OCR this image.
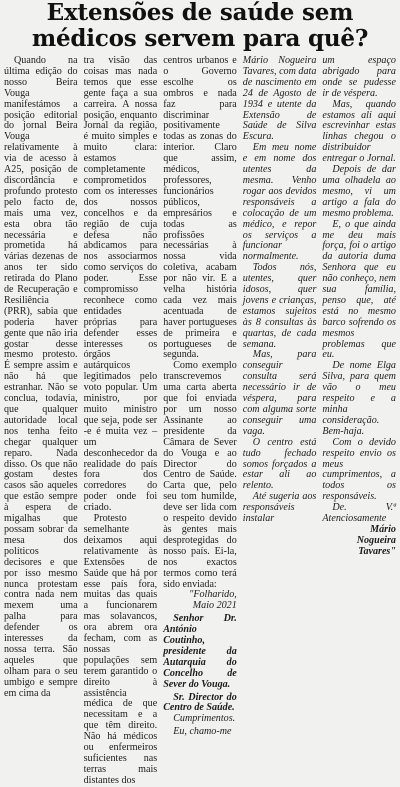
Extensões de saúde sem médicos servem para quê?

Quando na última edição do nosso Beira Vouga manifestámos a posição editorial do jornal Beira Vouga relativamente à via de acesso à A25, posição de discordância e profundo protesto pelo facto de, mais uma vez, esta obra tão necessária e prometida há várias dezenas de anos ter sido retirada do Plano de Recuperação e Resiliência (PRR), sabia que poderia haver gente que não iria gostar desse mesmo protesto. É sempre assim e não há que estranhar. Não se conclua, todavia, que qualquer autoridade local nos tenha feito chegar qualquer reparo. Nada disso. Os que não gostam destes casos são aqueles que estão sempre à espera de migalhas que possam sobrar da mesa dos políticos decisores e que por isso mesmo nunca protestam contra nada nem mexem uma palha para defender os interesses da nossa terra. São aqueles que olham para o seu umbigo e sempre em cima da

tra visão das coisas mas nada temos que esse gente faça a sua carreira. A nossa posição, enquanto Jornal da região, é muito simples e muito clara: estamos completamente comprometidos com os interesses dos nossos concelhos e da região de cuja defesa não abdicamos para nos associarmos como serviços do poder. Esse compromisso reconhece como entidades próprias para defender esses interesses os órgãos autárquicos legitimados pelo voto popular. Um ministro, por muito ministro que seja, pode ser -e é muita vez – um desconhecedor da realidade do país fora dos corredores do poder onde foi criado.

Protesto semelhante deixamos aqui relativamente às Extensões de Saúde que há por esse país fora, muitas das quais a funcionarem mas solavancos, ora abrem ora fecham, com as nossas populações sem terem garantido o direito à assistência médica de que necessitam e a que têm direito. Não há médicos ou enfermeiros suficientes nas terras mais distantes dos

centros urbanos e o Governo escolhe os ombros e nada faz para discriminar positivamente todas as zonas do interior. Claro que assim, médicos, professores, funcionários públicos, empresários e todas as profissões necessárias à nossa vida coletiva, acabam por não vir. E a velha história cada vez mais acentuada de haver portugueses de primeira e portugueses de segunda.

Como exemplo transcrevemos uma carta aberta que foi enviada por um nosso Assinante ao presidente da Câmara de Sever do Vouga e ao Director do Centro de Saúde. Carta que, pelo seu tom humilde, deve ser lida com o respeito devido às gentes mais desprotegidas do nosso país. Ei-la, nos exactos termos como terá sido enviada:

"Folharido, Maio 2021

Senhor Dr. António Coutinho, presidente da Autarquia do Concelho de Sever do Vouga.

Sr. Director do Centro de Saúde.

Cumprimentos.

Eu, chamo-me

Mário Nogueira Tavares, com data de nascimento em 24 de Agosto de 1934 e utente da Extensão de Saúde de Silva Escura.

Em meu nome e em nome dos utentes da mesma. Venho rogar aos devidos responsáveis a colocação de um médico, e repor os serviços a funcionar normalmente.

Todos nós, utentes, quer idosos, quer jovens e crianças, estamos sujeitos às 8 consultas às quartas, de cada semana.

Mas, para conseguir consulta será necessário ir de véspera, para com alguma sorte conseguir uma vaga.

O centro está tudo fechado somos forçados a estar ali ao relento.

Até sugeria aos responsáveis instalar

um espaço abrigado para onde se pudesse ir de véspera.

Mas, quando estamos ali aqui escrevinhar estas linhas chegou o distribuidor entregar o Jornal.

Depois de dar uma olhadela ao mesmo, vi um artigo a fala do mesmo problema.

E, o que ainda me deu mais força, foi o artigo da autoria duma Senhora que eu não conheço, nem sua família, penso que, até está no mesmo barco sofrendo os mesmos problemas que eu.

De nome Elga Silva, para quem vão o meu respeito e a minha consideração. Bem-haja.

Com o devido respeito envio os meus cumprimentos, a todos os responsáveis.

De. V.ª Atenciosamente

Mário Nogueira Tavares"
